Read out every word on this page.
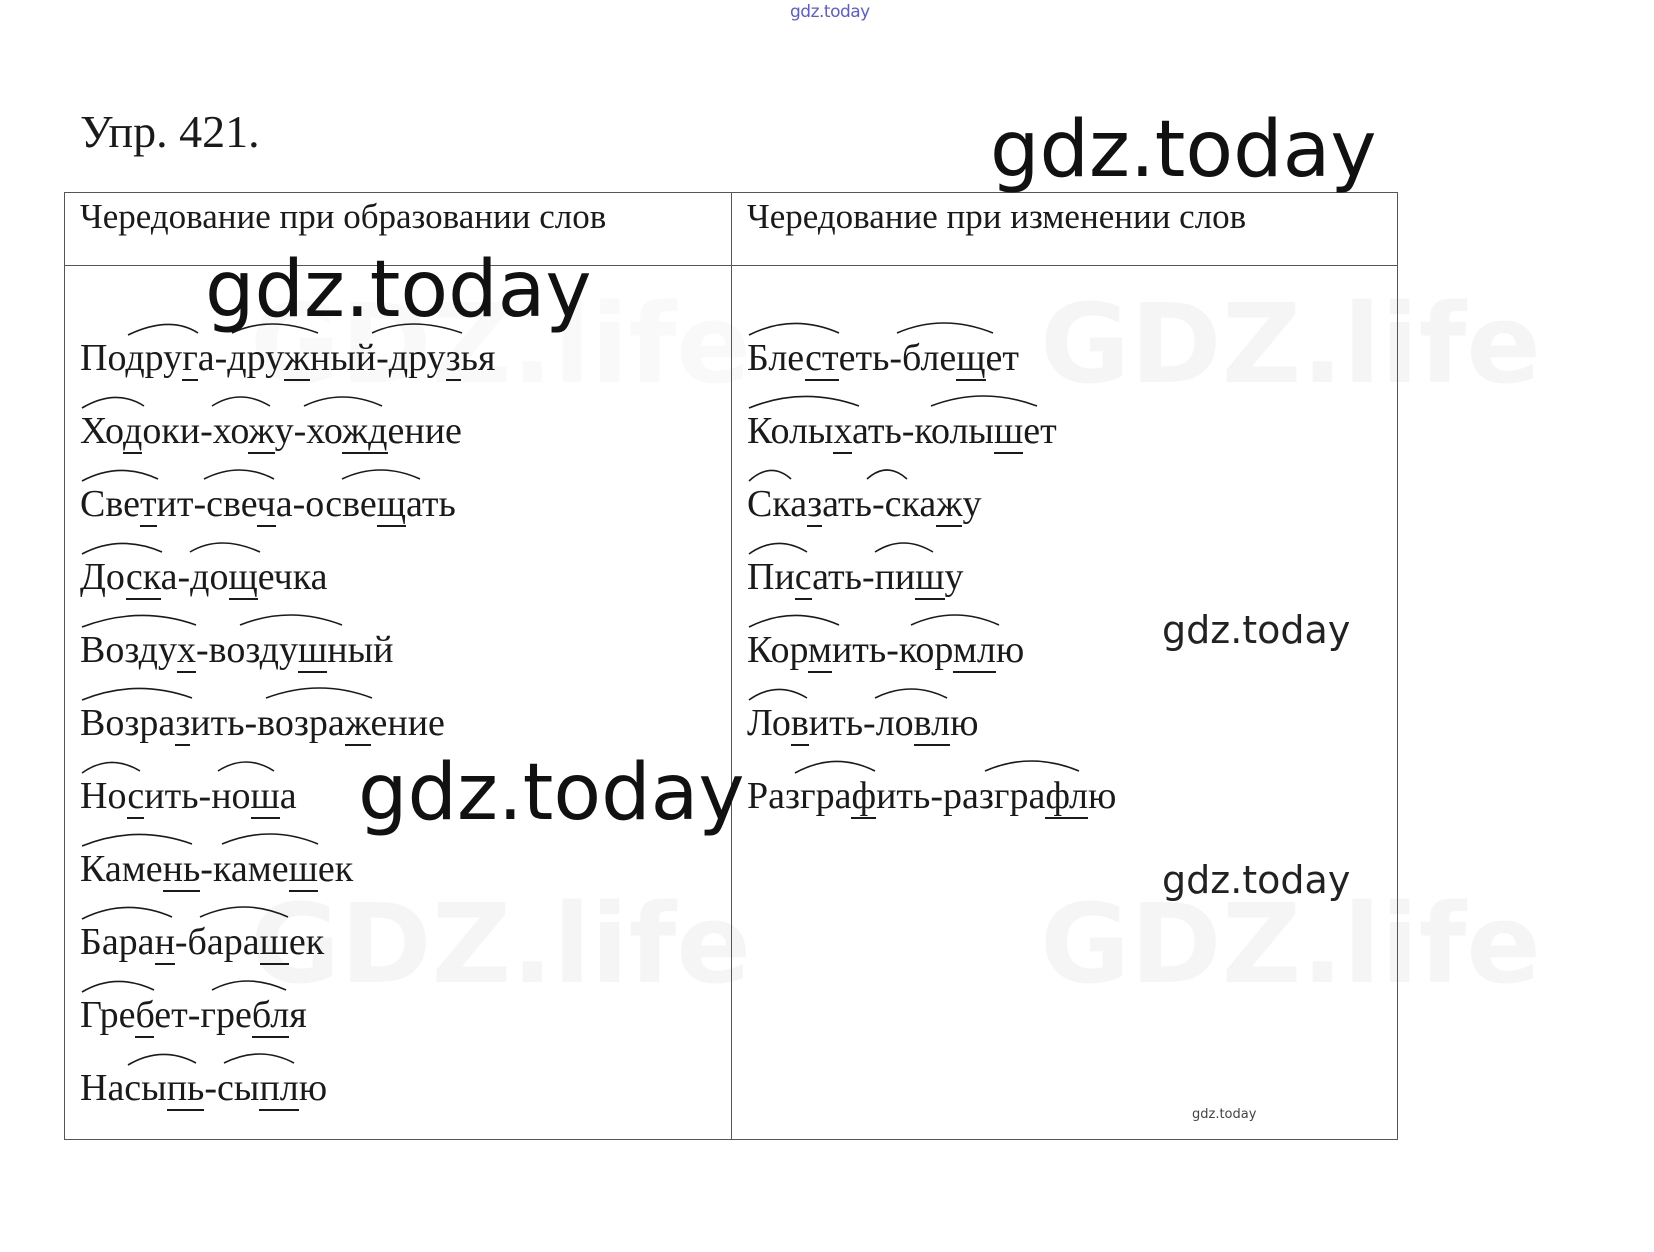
gdz.today
Упр. 421.
Чередование при образовании слов	Чередование при изменении слов
Подруга-дружный-друзья
Ходоки-хожу-хождение
Светит-свеча-освещать
Доска-дощечка
Воздух-воздушный
Возразить-возражение
Носить-ноша
Камень-камешек
Баран-барашек
Гребет-гребля
Насыпь-сыплю
Блестеть-блещет
Колыхать-колышет
Сказать-скажу
Писать-пишу
Кормить-кормлю
Ловить-ловлю
Разграфить-разграфлю
gdz.today
gdz.today
gdz.today
gdz.today
gdz.today
gdz.today
